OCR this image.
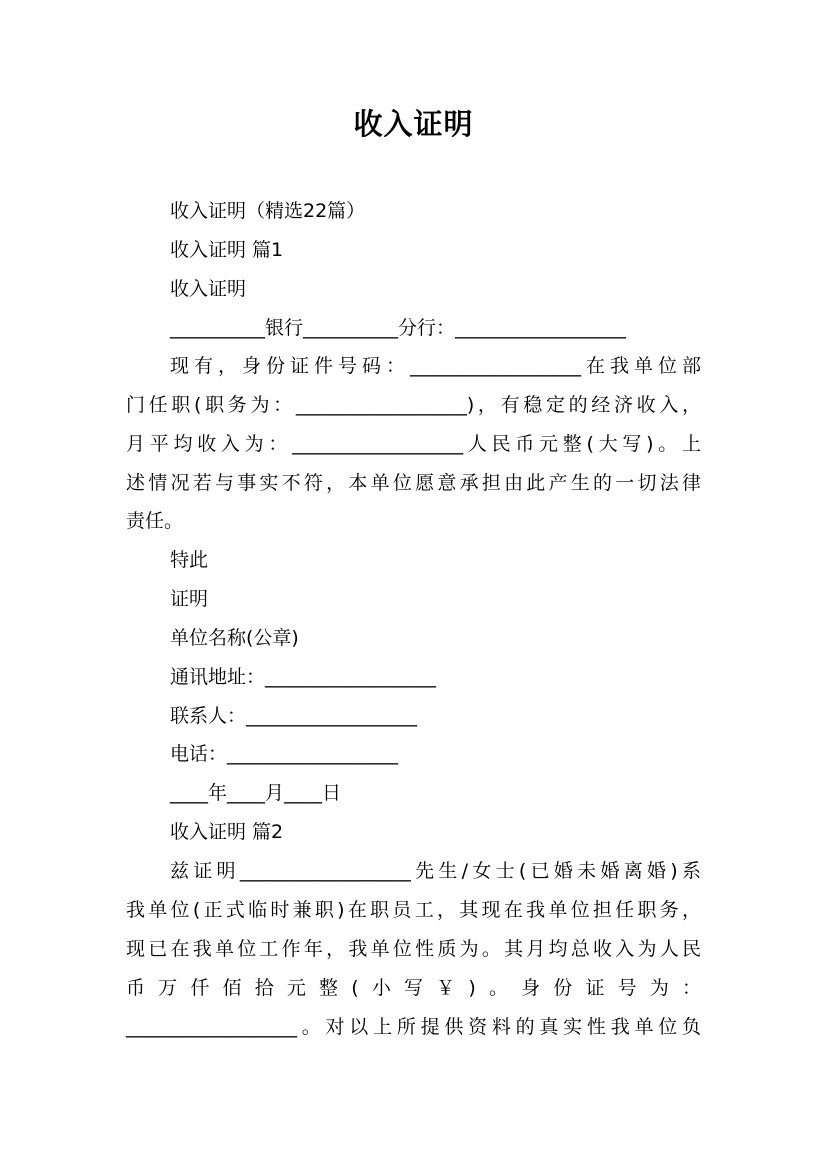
收入证明
收入证明（精选22篇）
收入证明 篇1
收入证明
__________银行__________分行：__________________
现有，身份证件号码：__________________在我单位部
门任职(职务为：__________________)，有稳定的经济收入，
月平均收入为：__________________人民币元整(大写)。上
述情况若与事实不符，本单位愿意承担由此产生的一切法律
责任。
特此
证明
单位名称(公章)
通讯地址：__________________
联系人：__________________
电话：__________________
____年____月____日
收入证明 篇2
兹证明__________________先生/女士(已婚未婚离婚)系
我单位(正式临时兼职)在职员工，其现在我单位担任职务，
现已在我单位工作年，我单位性质为。其月均总收入为人民
币万仟佰拾元整(小写￥)。身份证号为：
__________________。对以上所提供资料的真实性我单位负
